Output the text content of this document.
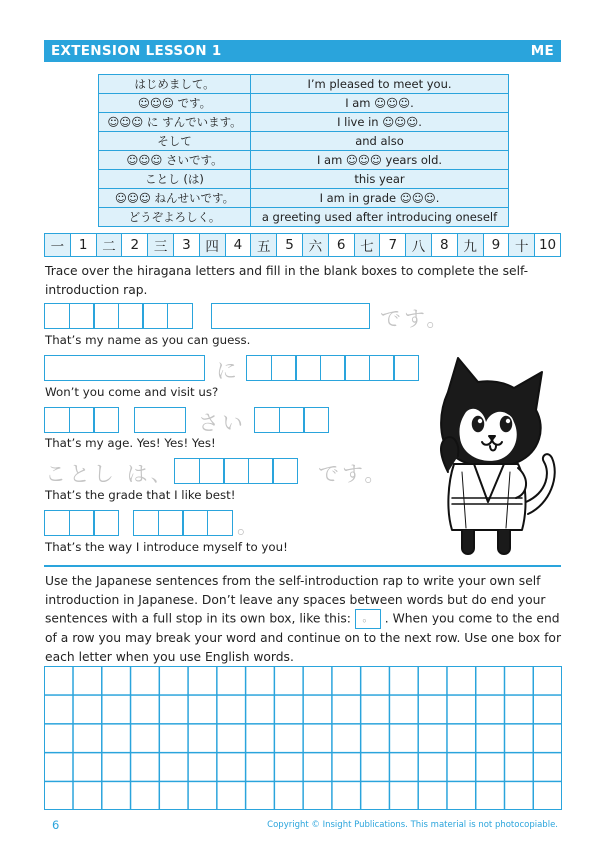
EXTENSION LESSON 1	ME
はじめまして。	I’m pleased to meet you.
☺☺☺ です。	I am ☺☺☺.
☺☺☺ に すんでいます。	I live in ☺☺☺.
そして	and also
☺☺☺ さいです。	I am ☺☺☺ years old.
ことし (は)	this year
☺☺☺ ねんせいです。	I am in grade ☺☺☺.
どうぞよろしく。	a greeting used after introducing oneself
一	1	二	2	三	3	四	4	五	5	六	6	七	7	八	8	九	9	十 10
Trace over the hiragana letters and fill in the blank boxes to complete the self-introduction rap.
です。
That’s my name as you can guess.
に
Won’t you come and visit us?
さい
That’s my age. Yes! Yes! Yes!
ことし は、	です。
That’s the grade that I like best!
。
That’s the way I introduce myself to you!
Use the Japanese sentences from the self-introduction rap to write your own self introduction in Japanese. Don’t leave any spaces between words but do end your sentences with a full stop in its own box, like this: 。 . When you come to the end of a row you may break your word and continue on to the next row. Use one box for each letter when you use English words.
6	Copyright © Insight Publications. This material is not photocopiable.
